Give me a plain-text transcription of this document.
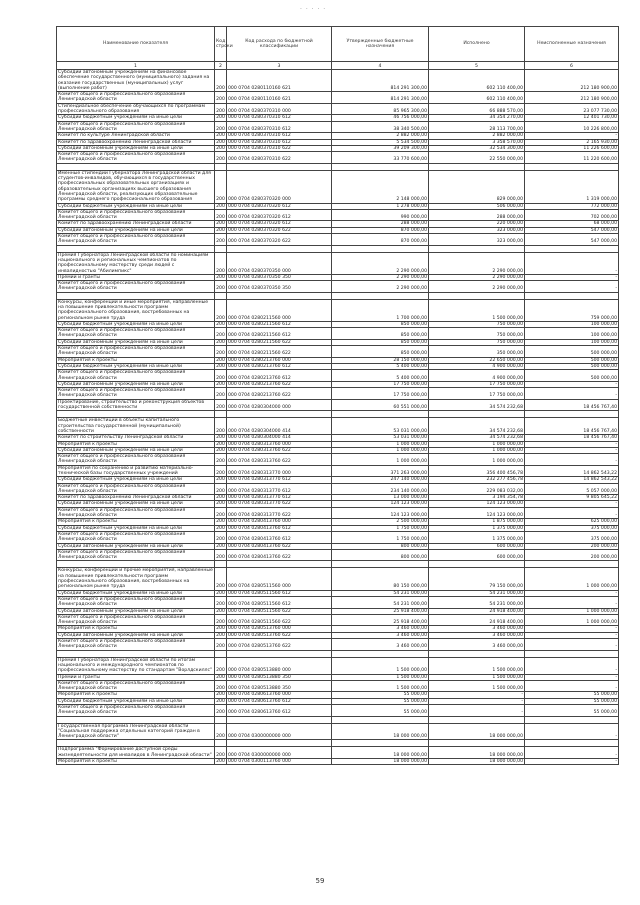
· · · · ·
Наименование показателя	Код строки	Код расхода по бюджетной классификации	Утвержденные бюджетные назначения	Исполнено	Неисполненные назначения
1	2	3	4	5	6
Субсидии автономным учреждениям на финансовое обеспечение государственного (муниципального) задания на оказание государственных (муниципальных) услуг (выполнение работ)	200	000 0704 0280110160 621	814 291 300,00	602 110 400,00	212 180 900,00
Комитет общего и профессионального образования Ленинградской области	200	000 0704 0280110160 621	814 291 300,00	602 110 400,00	212 180 900,00
Стипендиальное обеспечение обучающихся по программам профессионального образования	200	000 0704 0280370310 000	85 965 300,00	66 888 570,00	23 077 730,00
Субсидии бюджетным учреждениям на иные цели	200	000 0704 0280370310 612	46 756 000,00	34 354 270,00	12 401 730,00
Комитет общего и профессионального образования Ленинградской области	200	000 0704 0280370310 612	38 340 500,00	28 113 700,00	10 226 800,00
Комитет по культуре Ленинградской области	200	000 0704 0280370310 612	2 882 000,00	2 882 000,00	-
Комитет по здравоохранению Ленинградской области	200	000 0704 0280370310 612	5 534 500,00	3 358 570,00	2 165 930,00
Субсидии автономным учреждениям на иные цели	200	000 0704 0280370310 622	39 209 300,00	32 534 300,00	11 226 600,00
Комитет общего и профессионального образования Ленинградской области	200	000 0704 0280370310 622	33 770 600,00	22 550 000,00	11 220 600,00

Именные стипендии Губернатора Ленинградской области для студентов-инвалидов, обучающихся в государственных профессиональных образовательных организациях и образовательных организациях высшего образования Ленинградской области, реализующих образовательные программы среднего профессионального образования	200	000 0704 0280370320 000	2 148 000,00	829 000,00	1 319 000,00
Субсидии бюджетным учреждениям на иные цели	200	000 0704 0280370320 612	1 278 000,00	506 000,00	772 000,00
Комитет общего и профессионального образования Ленинградской области	200	000 0704 0280370320 612	990 000,00	288 000,00	702 000,00
Комитет по здравоохранению Ленинградской области	200	000 0704 0280370320 612	288 000,00	220 000,00	68 000,00
Субсидии автономным учреждениям на иные цели	200	000 0704 0280370320 622	870 000,00	323 000,00	547 000,00
Комитет общего и профессионального образования Ленинградской области	200	000 0704 0280370320 622	870 000,00	323 000,00	547 000,00

Премия Губернатора Ленинградской области по номинациям национального и региональных чемпионатов по профессиональному мастерству среди людей с инвалидностью "Абилимпикс"	200	000 0704 0280370350 000	2 290 000,00	2 290 000,00	-
Премии и гранты	200	000 0704 0280370350 350	2 290 000,00	2 290 000,00	-
Комитет общего и профессионального образования Ленинградской области	200	000 0704 0280370350 350	2 290 000,00	2 290 000,00	-

Конкурсы, конференции и иные мероприятия, направленные на повышение привлекательности программ профессионального образования, востребованных на региональном рынке труда	200	000 0704 0280211560 000	1 700 000,00	1 500 000,00	759 000,00
Субсидии бюджетным учреждениям на иные цели	200	000 0704 0280211560 612	850 000,00	750 000,00	100 000,00
Комитет общего и профессионального образования Ленинградской области	200	000 0704 0280211560 612	850 000,00	750 000,00	100 000,00
Субсидии автономным учреждениям на иные цели	200	000 0704 0280211560 622	850 000,00	750 000,00	100 000,00
Комитет общего и профессионального образования Ленинградской области	200	000 0704 0280211560 622	850 000,00	350 000,00	500 000,00
Мероприятия к проекты	200	000 0704 0280213760 000	28 150 000,00	22 650 000,00	500 000,00
Субсидии бюджетным учреждениям на иные цели	200	000 0704 0280213760 612	5 400 000,00	4 900 000,00	500 000,00
Комитет общего и профессионального образования Ленинградской области	200	000 0704 0280213760 612	5 400 000,00	4 900 000,00	500 000,00
Субсидии автономным учреждениям на иные цели	200	000 0704 0280213760 622	17 750 000,00	17 750 000,00	-
Комитет общего и профессионального образования Ленинградской области	200	000 0704 0280213760 622	17 750 000,00	17 750 000,00	-
Проектирование, строительство и реконструкция объектов государственной собственности	200	000 0704 0280304000 000	60 551 000,00	34 574 232,68	18 456 767,40

Бюджетные инвестиции в объекты капитального строительства государственной (муниципальной) собственности	200	000 0704 0280304000 414	53 031 000,00	34 574 232,68	18 456 767,40
Комитет по строительству Ленинградской области	200	000 0704 0280304000 414	53 031 000,00	34 574 232,68	18 456 767,40
Мероприятия к проекты	200	000 0704 0280313760 000	1 000 000,00	1 000 000,00	-
Субсидии автономным учреждениям на иные цели	200	000 0704 0280313760 622	1 000 000,00	1 000 000,00	-
Комитет общего и профессионального образования Ленинградской области	200	000 0704 0280313760 622	1 000 000,00	1 000 000,00	-
Мероприятия по сохранению и развитию материально-технической базы государственных учреждений	200	000 0704 0280313770 000	371 263 000,00	356 400 456,78	14 862 543,22
Субсидии бюджетным учреждениям на иные цели	200	000 0704 0280313770 612	247 140 000,00	232 277 456,78	14 862 543,22
Комитет общего и профессионального образования Ленинградской области	200	000 0704 0280313770 612	234 140 000,00	229 083 032,00	5 057 000,00
Комитет по здравоохранению Ленинградской области	200	000 0704 0280313770 612	13 000 000,00	3 194 354,78	9 805 645,22
Субсидии автономным учреждениям на иные цели	200	000 0704 0280313770 622	124 123 000,00	124 123 000,00	-
Комитет общего и профессионального образования Ленинградской области	200	000 0704 0280313770 622	124 123 000,00	124 123 000,00	-
Мероприятия к проекты	200	000 0704 0280413760 000	2 500 000,00	1 875 000,00	625 000,00
Субсидии бюджетным учреждениям на иные цели	200	000 0704 0280413760 612	1 750 000,00	1 375 000,00	375 000,00
Комитет общего и профессионального образования Ленинградской области	200	000 0704 0280413760 612	1 750 000,00	1 375 000,00	375 000,00
Субсидии автономным учреждениям на иные цели	200	000 0704 0280413760 622	800 000,00	600 000,00	200 000,00
Комитет общего и профессионального образования Ленинградской области	200	000 0704 0280413760 622	800 000,00	600 000,00	200 000,00

Конкурсы, конференции и прочие мероприятия, направленные на повышение привлекательности программ профессионального образования, востребованных на региональном рынке труда	200	000 0704 0280511560 000	80 150 000,00	79 150 000,00	1 000 000,00
Субсидии бюджетным учреждениям на иные цели	200	000 0704 0280511560 612	54 231 000,00	54 231 000,00	-
Комитет общего и профессионального образования Ленинградской области	200	000 0704 0280511560 612	54 231 000,00	54 231 000,00	-
Субсидии автономным учреждениям на иные цели	200	000 0704 0280511560 622	25 918 400,00	24 918 400,00	1 000 000,00
Комитет общего и профессионального образования Ленинградской области	200	000 0704 0280511560 622	25 918 400,00	24 918 400,00	1 000 000,00
Мероприятия к проекты	200	000 0704 0280513760 000	3 460 000,00	3 460 000,00	-
Субсидии автономным учреждениям на иные цели	200	000 0704 0280513760 622	3 460 000,00	3 460 000,00	-
Комитет общего и профессионального образования Ленинградской области	200	000 0704 0280513760 622	3 460 000,00	3 460 000,00	-

Премия Губернатора Ленинградской области по итогам национального и международного чемпионатов по профессиональному мастерству по стандартам "Ворлдскиллс"	200	000 0704 0280513880 000	1 500 000,00	1 500 000,00	-
Премии и гранты	200	000 0704 0280513880 350	1 500 000,00	1 500 000,00	-
Комитет общего и профессионального образования Ленинградской области	200	000 0704 0280513880 350	1 500 000,00	1 500 000,00	-
Мероприятия к проекты	200	000 0704 0280613760 000	55 000,00	-	55 000,00
Субсидии бюджетным учреждениям на иные цели	200	000 0704 0280613760 612	55 000,00	-	55 000,00
Комитет общего и профессионального образования Ленинградской области	200	000 0704 0280613760 612	55 000,00	-	55 000,00

Государственная программа Ленинградской области "Социальная поддержка отдельных категорий граждан в Ленинградской области"	200	000 0704 0300000000 000	18 000 000,00	18 000 000,00	-

Подпрограмма "Формирование доступной среды жизнедеятельности для инвалидов в Ленинградской области"	200	000 0704 0300000000 000	18 000 000,00	18 000 000,00	-
Мероприятия к проекты	200	000 0704 0300113760 000	18 000 000,00	18 000 000,00	-
59
